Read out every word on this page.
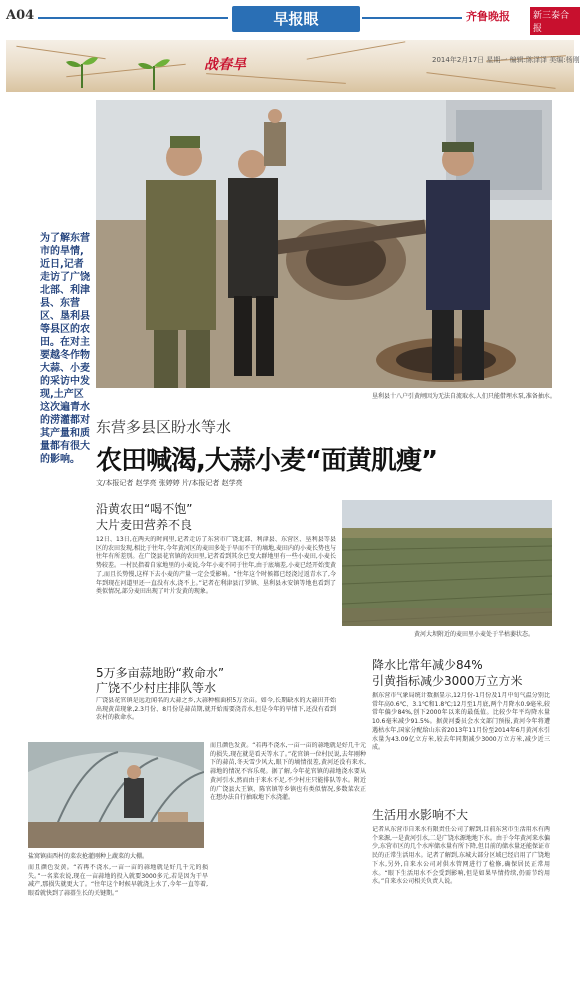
A04	早报眼	齐鲁晚报	新三泰合报
战春旱	2014年2月17日 星期一 编辑:陈泽泽 美编:杨刚
垦利县十八户引黄闸因为无法自流取水,人们只能借埋水泵,准备抽水。
为了解东营市的旱情,近日,记者走访了广饶北部、利津县、东营区、垦利县等县区的农田。在对主要越冬作物大蒜、小麦的采访中发现,土产区这次遍青水的涝灌都对其产量和质量都有很大的影响。
东营多县区盼水等水
农田喊渴,大蒜小麦“面黄肌瘦”
文/本报记者 赵学亮 张婷婷 片/本报记者 赵学亮
沿黄农田“喝不饱”
大片麦田营养不良
12日、13日,在两天的时间里,记者走访了东营市广饶北部、利津县、东营区、垦利县等县区的农田发现,相比于往年,今年黄河区的麦田多处于旱而不干的墒地,麦田内的小麦长势也与往年有所差别。在广饶县花官镇的农田里,记者看到其余已变大群地里有一些小麦田,小麦长势较差。一村民指着自家地里的小麦说,今年小麦不同于往年,由于底墒差,小麦已经开始变黄了,而且长势慢,这样下去小麦的产量一定会受影响。“往年这个时候都已经浇过返青水了,今年到现在河道里还一直没有水,浇不上。”记者在利津县汀罗镇、垦利县永安镇等地也看到了类似情况,部分麦田出现了叶片发黄的现象。
5万多亩蒜地盼“救命水”
广饶不少村庄排队等水
广饶县花官镇是远近闻名的大蒜之乡,大蒜种植面积5万余亩。如今,长期缺水的大蒜田开始出现黄苗现象,2.3月份、8月份是蒜苗期,就开始需要浇青水,但是今年的旱情下,还没有看到农村的救命水。
黄河大坝附近的麦田里小麦处于半枯萎状态。
降水比常年减少84%
引黄指标减少3000万立方米
据东营市气象局统计数据显示,12月份-1月份及1月中旬气温分别比常年高0.6℃、3.1℃和1.8℃;12月至1月底,两个月降水0.9毫米,较常年偏少84%,创下2000年以来的最低值。比较少年平均降水量10.6毫米减少91.5%。据黄河委员会水文部门预报,黄河今年将遭遇枯水年,国家分配给山东省2013年11月份至2014年6月黄河水引水量为43.09亿立方米,较去年同期减少3000万立方米,减少近三成。
盐窝镇庙西村的菜农抢灌刚种上蔬菜的大棚。
而且颜色发黄。“若再不浇水,一亩一亩的蒜地就是好几千元的损失,现在就是看天等水了。”花官镇一位村民说,去年刚种下的蒜苗,冬天雪少风大,眼下的墒情很差,黄河还没有来水,蒜地的情况不容乐观。据了解,今年花官镇的蒜地浇水要从黄河引水,然而由于来水不足,不少村庄只能排队等水。附近的广饶县大王镇、陈官镇等乡镇也有类似情况,多数菜农正在想办法自行抽取地下水浇灌。
而且颜色发黄。“若再不浇水,一亩一亩的蒜地就是好几千元的损失。”一名菜农说,现在一亩蒜地的投入就要3000多元,若是因为干旱减产,那损失就更大了。“往年这个时候早就浇上水了,今年一直等着,眼看就快到了蒜薹生长的关键期。”
生活用水影响不大
记者从东营市自来水有限责任公司了解到,目前东营市生活用水有两个来源,一是黄河引水,二是广饶水源地地下水。由于今年黄河来水偏少,东营市区的几个水库储水量有所下降,但目前的储水量还能保证市民的正常生活用水。记者了解到,东城大部分区域已经启用了广饶地下水,另外,自来水公司对供水管网进行了检修,确保居民正常用水。“眼下生活用水不会受到影响,但是如果旱情持续,仍需节约用水。”自来水公司相关负责人说。
